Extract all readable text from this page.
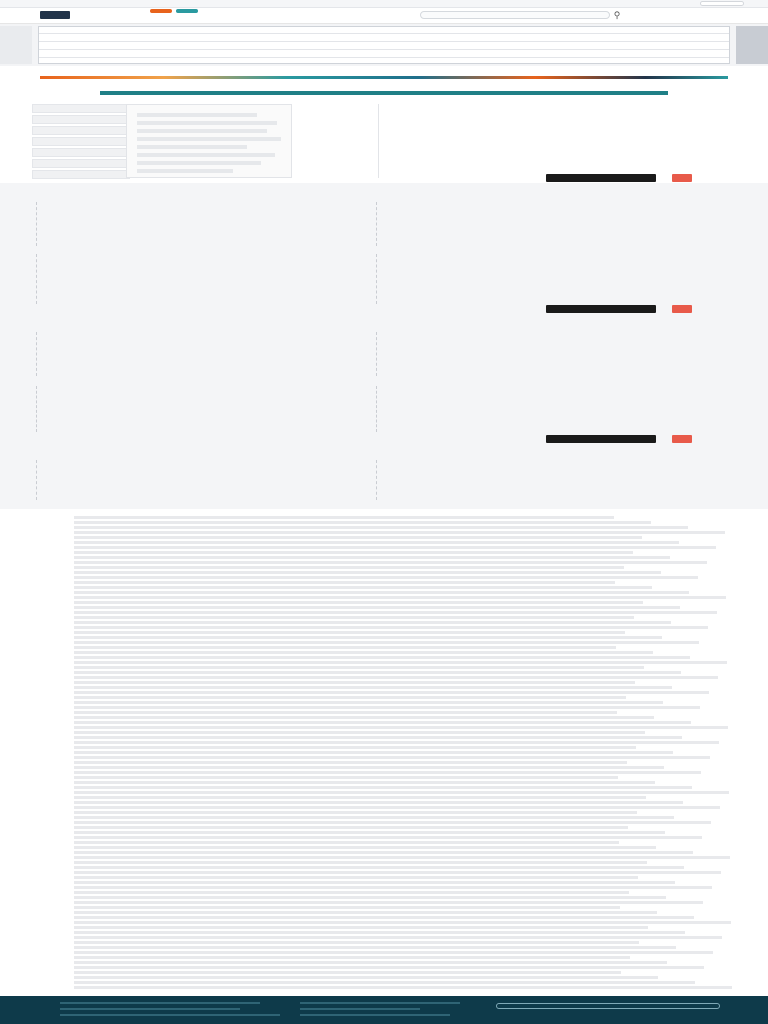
⚲
